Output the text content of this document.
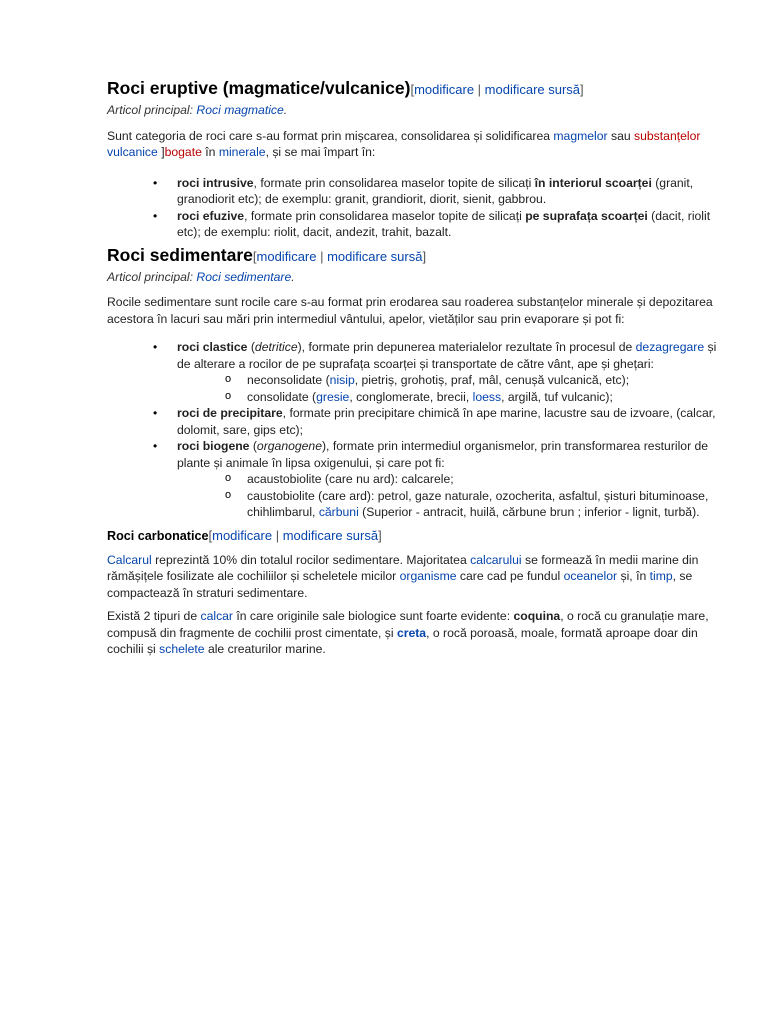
Roci eruptive (magmatice/vulcanice)[modificare | modificare sursă]
Articol principal: Roci magmatice.

Sunt categoria de roci care s-au format prin mișcarea, consolidarea și solidificarea magmelor sau substanțelor vulcanice ]bogate în minerale, și se mai împart în:

• roci intrusive, formate prin consolidarea maselor topite de silicați în interiorul scoarței (granit, granodiorit etc); de exemplu: granit, grandiorit, diorit, sienit, gabbrou.
• roci efuzive, formate prin consolidarea maselor topite de silicați pe suprafața scoarței (dacit, riolit etc); de exemplu: riolit, dacit, andezit, trahit, bazalt.
Roci sedimentare[modificare | modificare sursă]
Articol principal: Roci sedimentare.

Rocile sedimentare sunt rocile care s-au format prin erodarea sau roaderea substanțelor minerale și depozitarea acestora în lacuri sau mări prin intermediul vântului, apelor, vietăților sau prin evaporare și pot fi:

• roci clastice (detritice), formate prin depunerea materialelor rezultate în procesul de dezagregare și de alterare a rocilor de pe suprafața scoarței și transportate de către vânt, ape și ghețari:
o neconsolidate (nisip, pietriș, grohotiș, praf, mâl, cenușă vulcanică, etc);
o consolidate (gresie, conglomerate, brecii, loess, argilă, tuf vulcanic);
• roci de precipitare, formate prin precipitare chimică în ape marine, lacustre sau de izvoare, (calcar, dolomit, sare, gips etc);
• roci biogene (organogene), formate prin intermediul organismelor, prin transformarea resturilor de plante și animale în lipsa oxigenului, și care pot fi:
o acaustobiolite (care nu ard): calcarele;
o caustobiolite (care ard): petrol, gaze naturale, ozocherita, asfaltul, șisturi bituminoase, chihlimbarul, cărbuni (Superior - antracit, huilă, cărbune brun ; inferior - lignit, turbă).
Roci carbonatice[modificare | modificare sursă]

Calcarul reprezintă 10% din totalul rocilor sedimentare. Majoritatea calcarului se formează în medii marine din rămășițele fosilizate ale cochiliilor și scheletele micilor organisme care cad pe fundul oceanelor și, în timp, se compactează în straturi sedimentare.

Există 2 tipuri de calcar în care originile sale biologice sunt foarte evidente: coquina, o rocă cu granulație mare, compusă din fragmente de cochilii prost cimentate, și creta, o rocă poroasă, moale, formată aproape doar din cochilii și schelete ale creaturilor marine.
